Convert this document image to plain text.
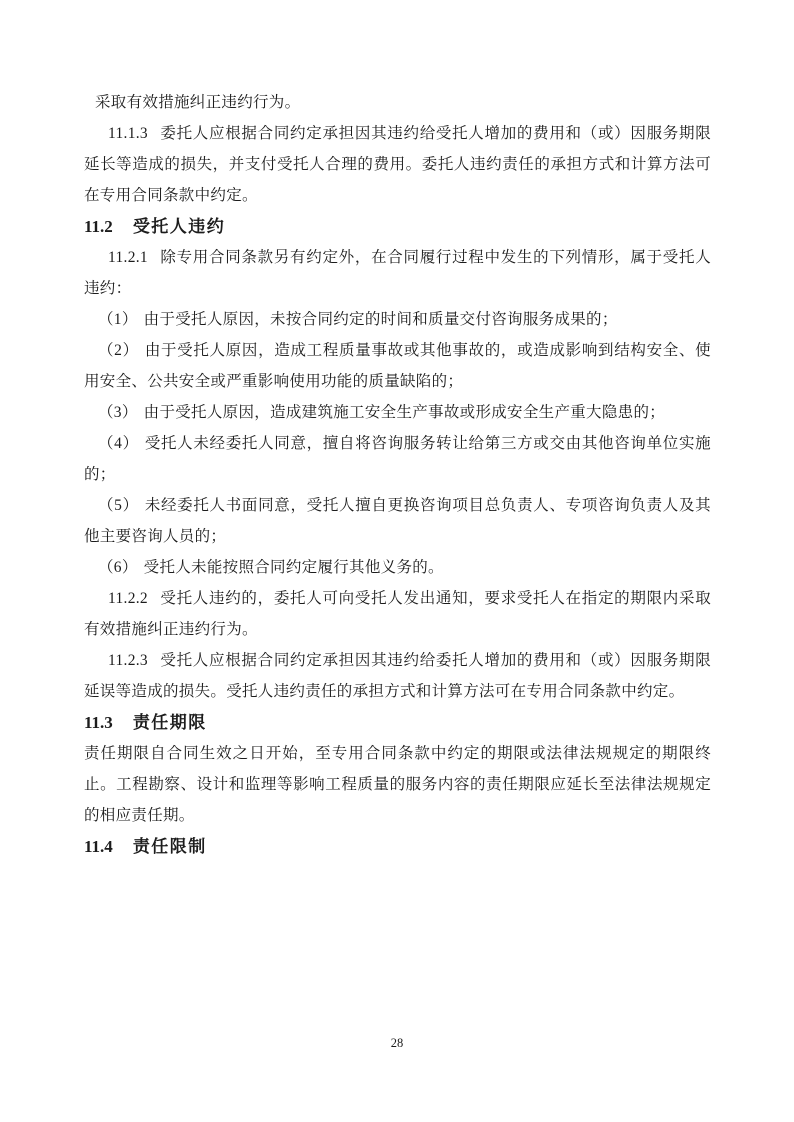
采取有效措施纠正违约行为。

11.1.3 委托人应根据合同约定承担因其违约给受托人增加的费用和（或）因服务期限延长等造成的损失，并支付受托人合理的费用。委托人违约责任的承担方式和计算方法可在专用合同条款中约定。

11.2 受托人违约

11.2.1 除专用合同条款另有约定外，在合同履行过程中发生的下列情形，属于受托人违约：

（1） 由于受托人原因，未按合同约定的时间和质量交付咨询服务成果的；

（2） 由于受托人原因，造成工程质量事故或其他事故的，或造成影响到结构安全、使用安全、公共安全或严重影响使用功能的质量缺陷的；

（3） 由于受托人原因，造成建筑施工安全生产事故或形成安全生产重大隐患的；

（4） 受托人未经委托人同意，擅自将咨询服务转让给第三方或交由其他咨询单位实施的；

（5） 未经委托人书面同意，受托人擅自更换咨询项目总负责人、专项咨询负责人及其他主要咨询人员的；

（6） 受托人未能按照合同约定履行其他义务的。

11.2.2 受托人违约的，委托人可向受托人发出通知，要求受托人在指定的期限内采取有效措施纠正违约行为。

11.2.3 受托人应根据合同约定承担因其违约给委托人增加的费用和（或）因服务期限延误等造成的损失。受托人违约责任的承担方式和计算方法可在专用合同条款中约定。

11.3 责任期限

责任期限自合同生效之日开始，至专用合同条款中约定的期限或法律法规规定的期限终止。工程勘察、设计和监理等影响工程质量的服务内容的责任期限应延长至法律法规规定的相应责任期。

11.4 责任限制

28
